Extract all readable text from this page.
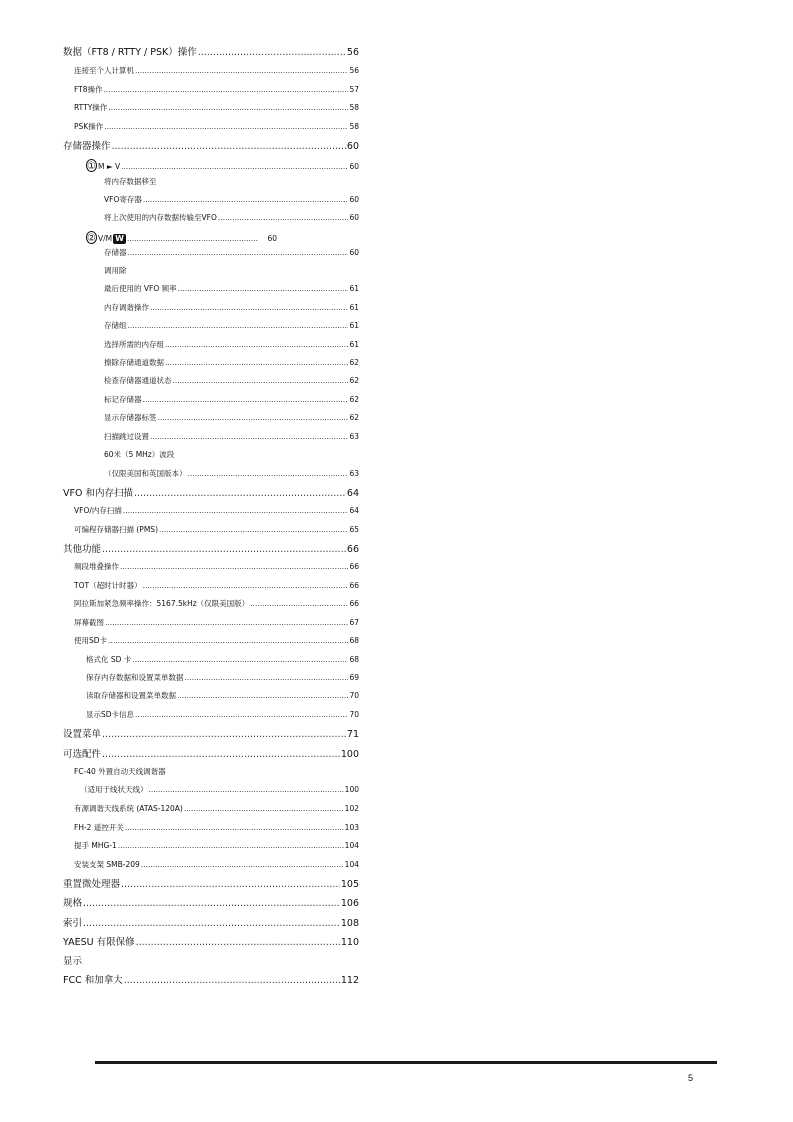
数据（FT8 / RTTY / PSK）操作 .....	56
连接至个人计算机 .....	56
FT8操作 .....	57
RTTY操作 .....	58
PSK操作 .....	58
存储器操作 .....	60
① M ► V .....	60
将内存数据移至
VFO寄存器 .....	60
将上次使用的内存数据传输至VFO .....	60
② V/M W .....	60
存储器 .....	60
调用除
最后使用的 VFO 频率 .....	61
内存调谐操作 .....	61
存储组 .....	61
选择所需的内存组 .....	61
擦除存储通道数据 .....	62
检查存储器通道状态 .....	62
标记存储器 .....	62
显示存储器标签 .....	62
扫描跳过设置 .....	63
60米（5 MHz）波段
（仅限美国和英国版本） .....	63
VFO 和内存扫描 .....	64
VFO/内存扫描 .....	64
可编程存储器扫描 (PMS) .....	65
其他功能 .....	66
频段堆叠操作 .....	66
TOT（超时计时器） .....	66
阿拉斯加紧急频率操作：5167.5kHz（仅限美国版） .....	66
屏幕截图 .....	67
使用SD卡 .....	68
格式化 SD 卡 .....	68
保存内存数据和设置菜单数据 .....	69
读取存储器和设置菜单数据 .....	70
显示SD卡信息 .....	70
设置菜单 .....	71
可选配件 .....	100
FC-40 外置自动天线调谐器
（适用于线状天线） .....	100
有源调谐天线系统 (ATAS-120A) .....	102
FH-2 遥控开关 .....	103
提手 MHG-1 .....	104
安装支架 SMB-209 .....	104
重置微处理器 .....	105
规格 .....	106
索引 .....	108
YAESU 有限保修 .....	110
显示
FCC 和加拿大 .....	112
5
